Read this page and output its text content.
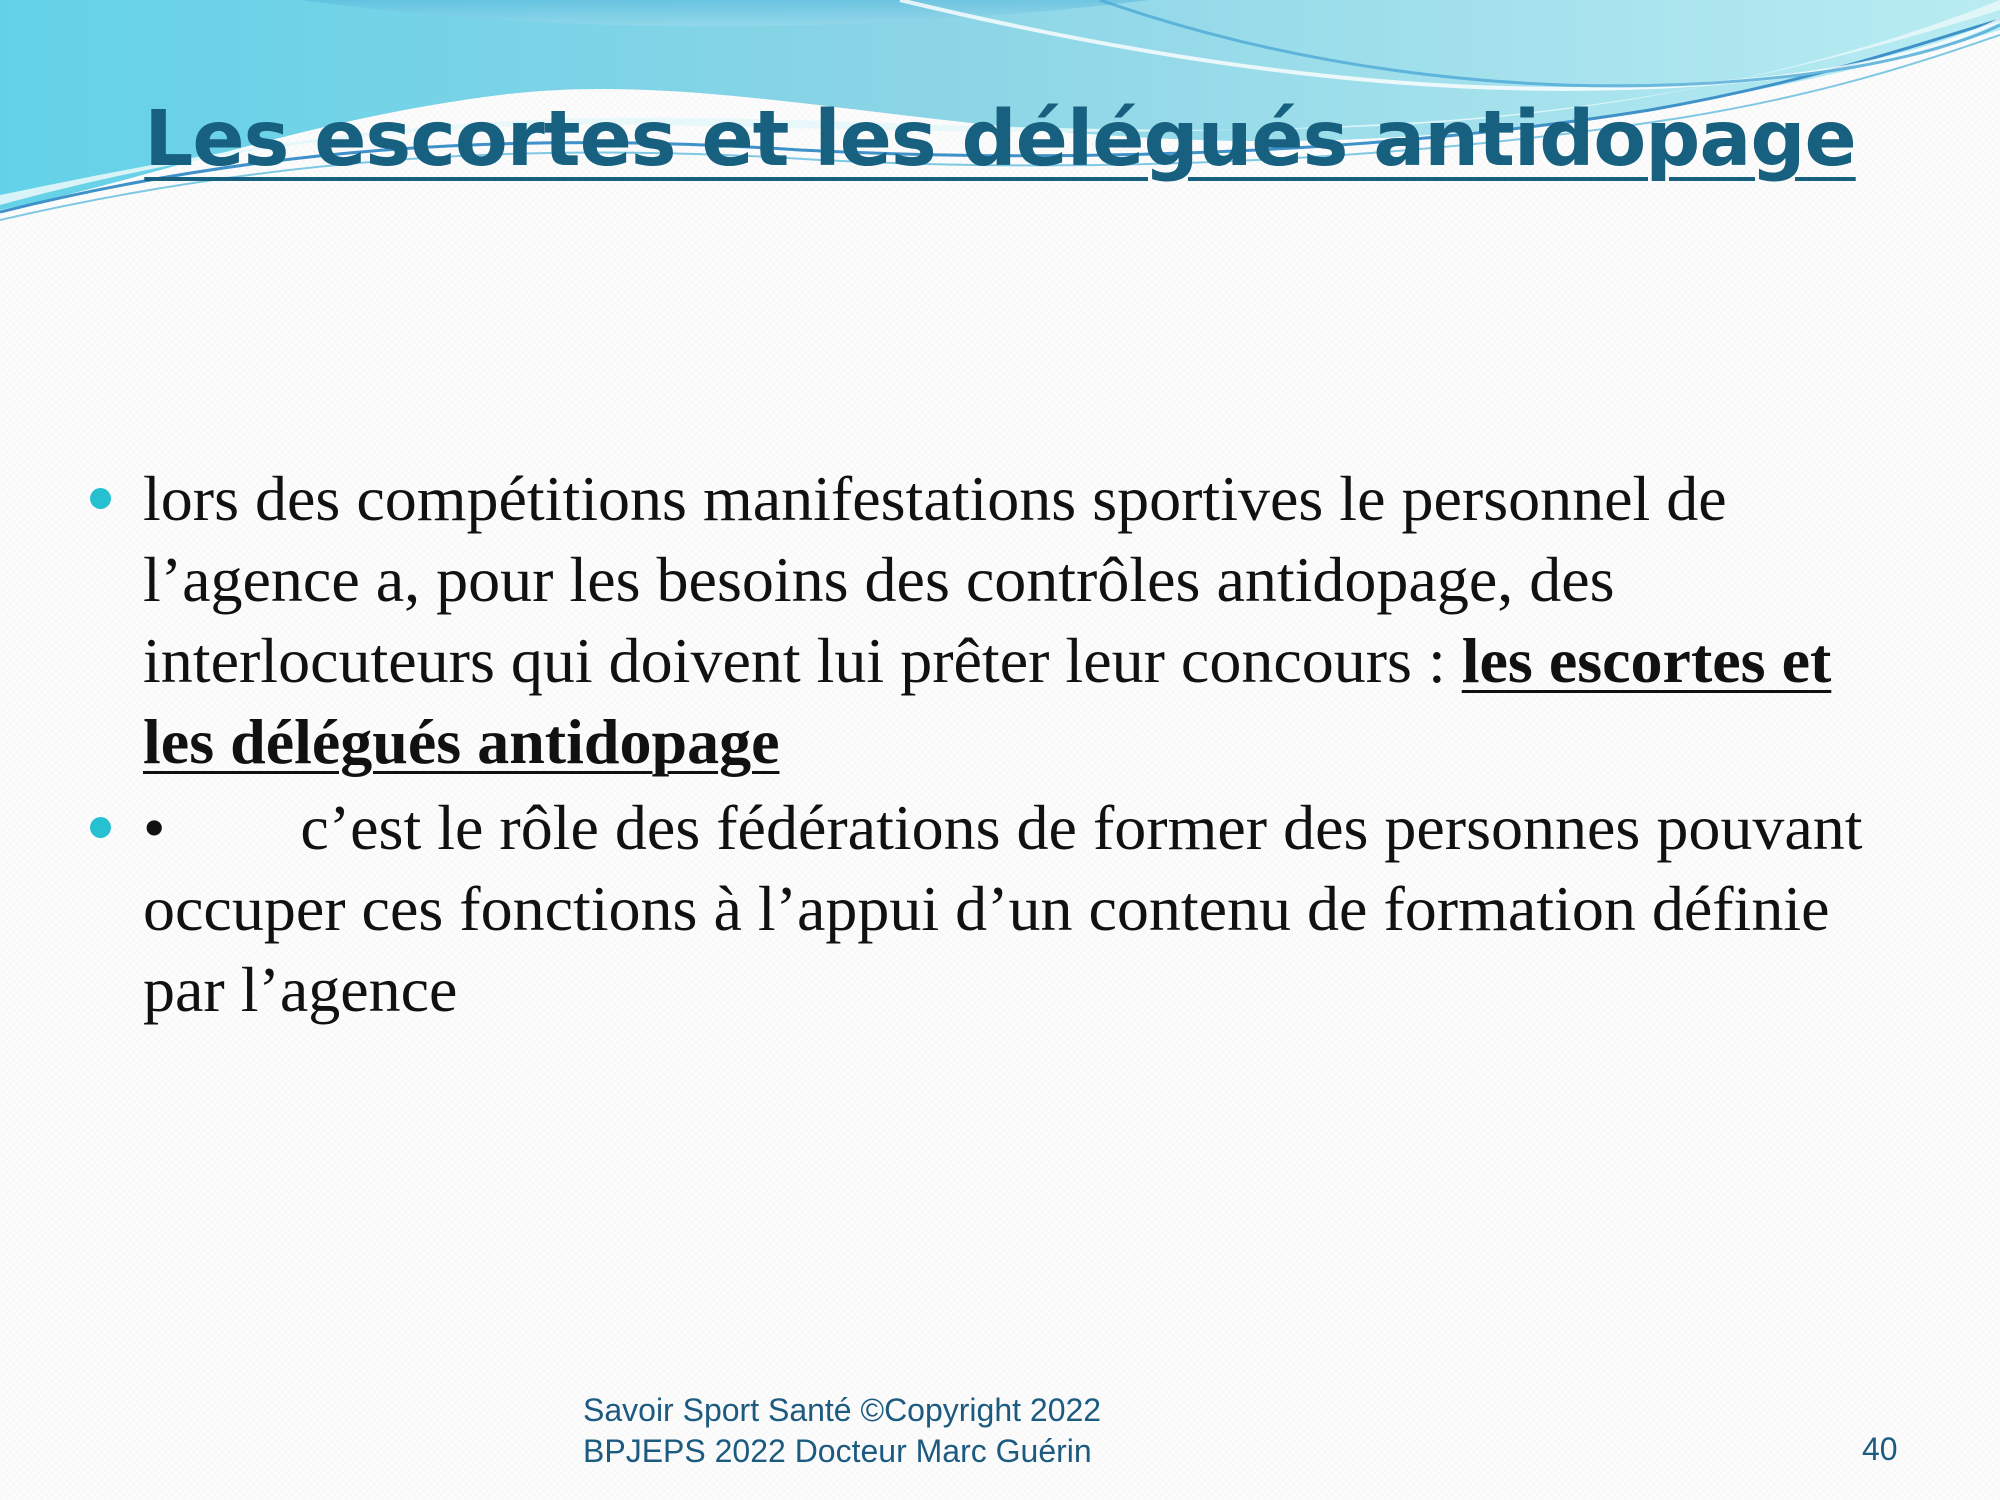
Les escortes et les délégués antidopage
lors des compétitions manifestations sportives le personnel de l’agence a, pour les besoins des contrôles antidopage, des interlocuteurs qui doivent lui prêter leur concours : les escortes et les délégués antidopage
• c’est le rôle des fédérations de former des personnes pouvant occuper ces fonctions à l’appui d’un contenu de formation définie par l’agence
Savoir Sport Santé ©Copyright 2022
BPJEPS 2022 Docteur Marc Guérin	40
